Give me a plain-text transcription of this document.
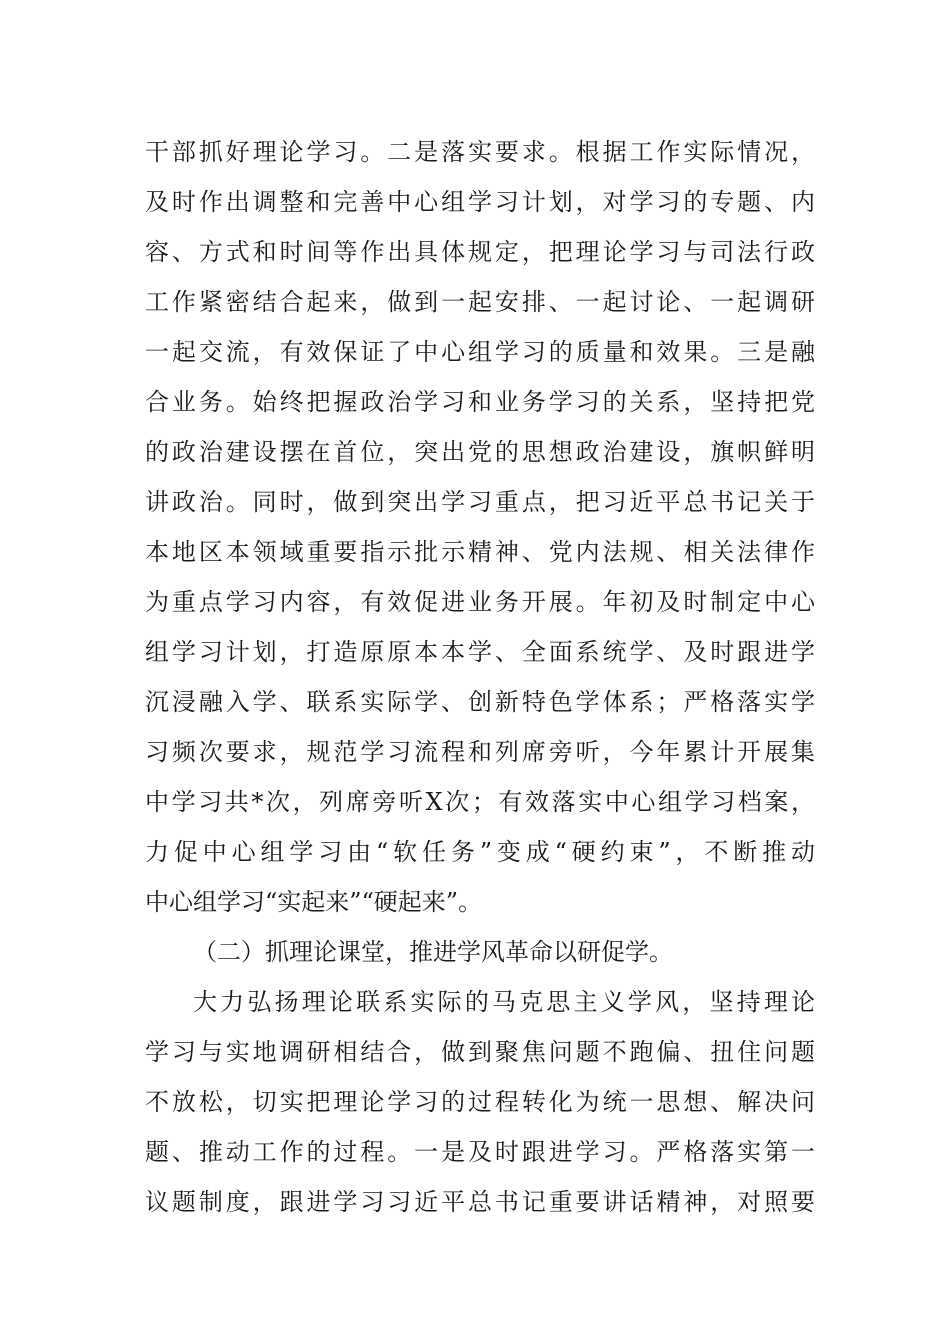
干部抓好理论学习。二是落实要求。根据工作实际情况，
及时作出调整和完善中心组学习计划，对学习的专题、内
容、方式和时间等作出具体规定，把理论学习与司法行政
工作紧密结合起来，做到一起安排、一起讨论、一起调研
一起交流，有效保证了中心组学习的质量和效果。三是融
合业务。始终把握政治学习和业务学习的关系，坚持把党
的政治建设摆在首位，突出党的思想政治建设，旗帜鲜明
讲政治。同时，做到突出学习重点，把习近平总书记关于
本地区本领域重要指示批示精神、党内法规、相关法律作
为重点学习内容，有效促进业务开展。年初及时制定中心
组学习计划，打造原原本本学、全面系统学、及时跟进学
沉浸融入学、联系实际学、创新特色学体系；严格落实学
习频次要求，规范学习流程和列席旁听，今年累计开展集
中学习共*次，列席旁听X次；有效落实中心组学习档案，
力促中心组学习由“软任务”变成“硬约束”，不断推动
中心组学习“实起来”“硬起来”。
（二）抓理论课堂，推进学风革命以研促学。
大力弘扬理论联系实际的马克思主义学风，坚持理论
学习与实地调研相结合，做到聚焦问题不跑偏、扭住问题
不放松，切实把理论学习的过程转化为统一思想、解决问
题、推动工作的过程。一是及时跟进学习。严格落实第一
议题制度，跟进学习习近平总书记重要讲话精神，对照要
